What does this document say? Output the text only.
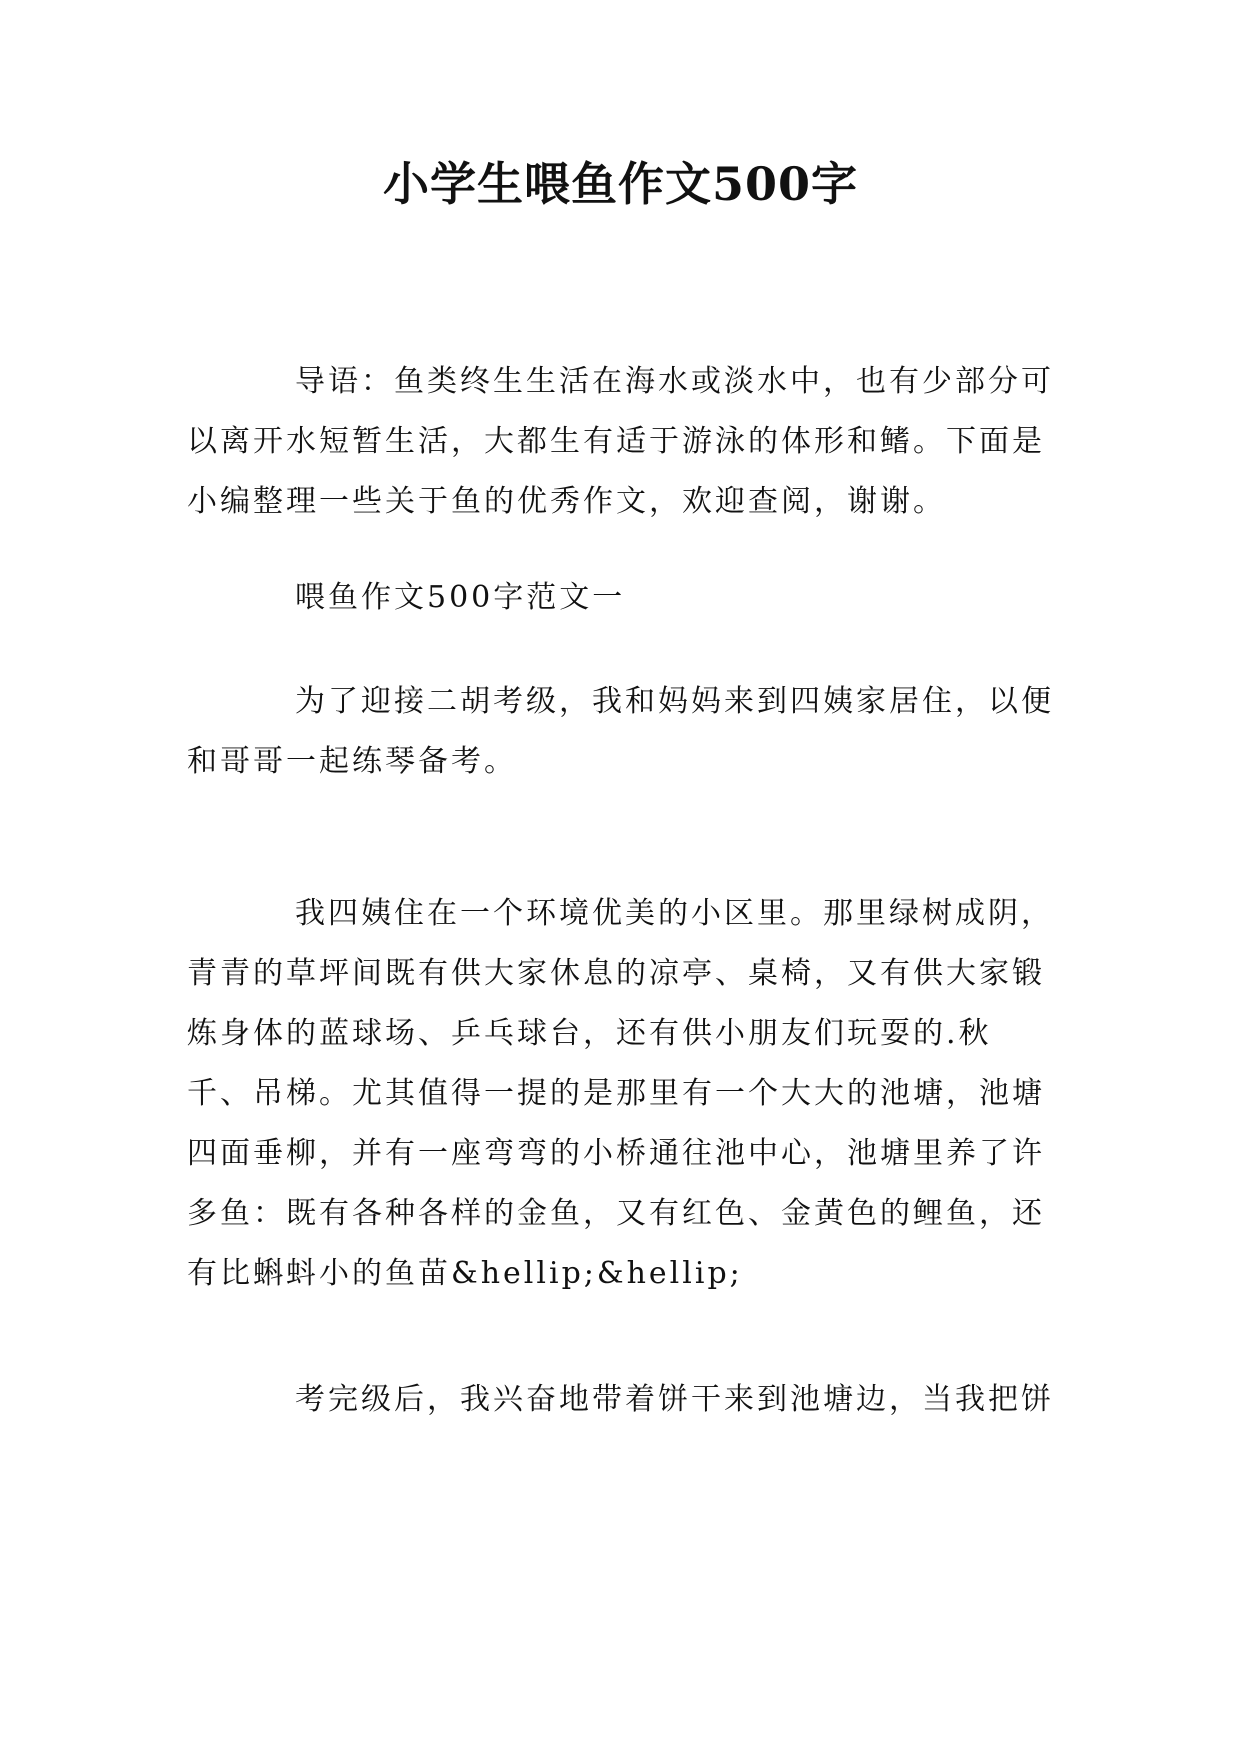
小学生喂鱼作文500字

导语：鱼类终生生活在海水或淡水中，也有少部分可以离开水短暂生活，大都生有适于游泳的体形和鳍。下面是小编整理一些关于鱼的优秀作文，欢迎查阅，谢谢。

喂鱼作文500字范文一

为了迎接二胡考级，我和妈妈来到四姨家居住，以便和哥哥一起练琴备考。

我四姨住在一个环境优美的小区里。那里绿树成阴，青青的草坪间既有供大家休息的凉亭、桌椅，又有供大家锻炼身体的蓝球场、乒乓球台，还有供小朋友们玩耍的.秋千、吊梯。尤其值得一提的是那里有一个大大的池塘，池塘四面垂柳，并有一座弯弯的小桥通往池中心，池塘里养了许多鱼：既有各种各样的金鱼，又有红色、金黄色的鲤鱼，还有比蝌蚪小的鱼苗&hellip;&hellip;

考完级后，我兴奋地带着饼干来到池塘边，当我把饼
